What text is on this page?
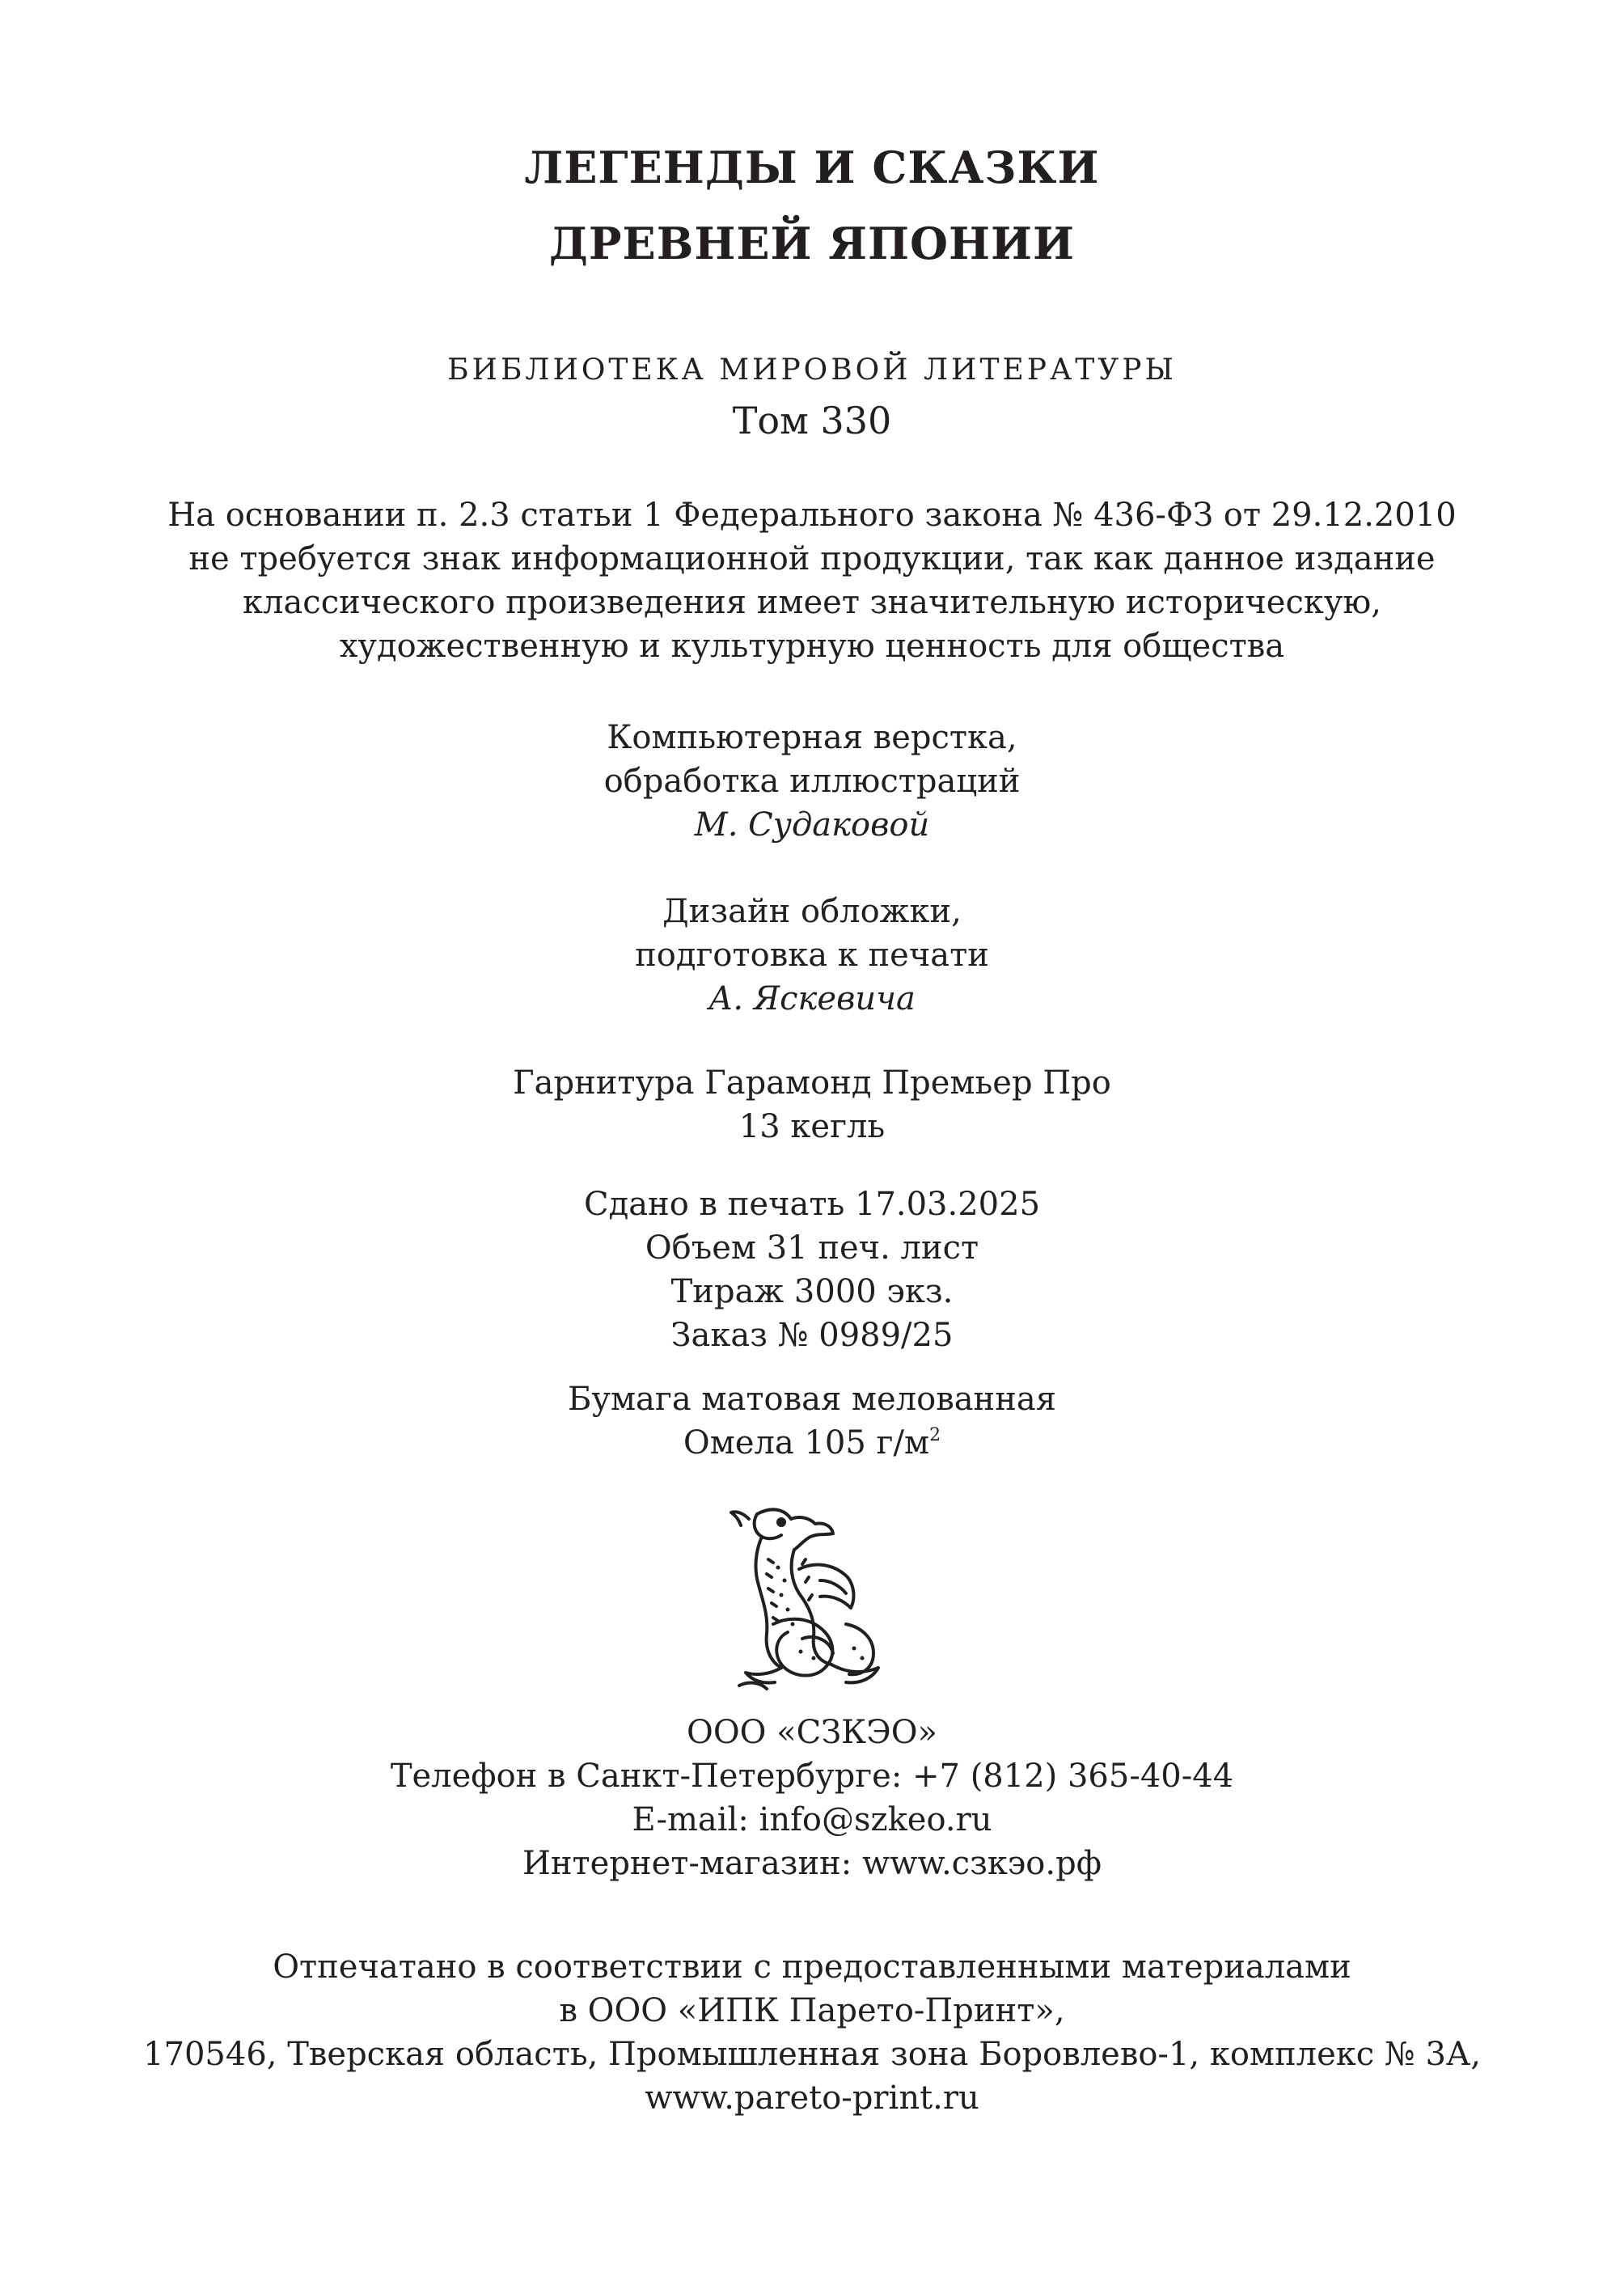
ЛЕГЕНДЫ И СКАЗКИ
ДРЕВНЕЙ ЯПОНИИ
БИБЛИОТЕКА МИРОВОЙ ЛИТЕРАТУРЫ
Том 330
На основании п. 2.3 статьи 1 Федерального закона № 436-ФЗ от 29.12.2010
не требуется знак информационной продукции, так как данное издание
классического произведения имеет значительную историческую,
художественную и культурную ценность для общества
Компьютерная верстка,
обработка иллюстраций
М. Судаковой
Дизайн обложки,
подготовка к печати
А. Яскевича
Гарнитура Гарамонд Премьер Про
13 кегль
Сдано в печать 17.03.2025
Объем 31 печ. лист
Тираж 3000 экз.
Заказ № 0989/25
Бумага матовая мелованная
Омела 105 $г/м^2$
ООО «СЗКЭО»
Телефон в Санкт-Петербурге: +7 (812) 365-40-44
E-mail: info@szkeo.ru
Интернет-магазин: www.сзкэо.рф
Отпечатано в соответствии с предоставленными материалами
в ООО «ИПК Парето-Принт»,
170546, Тверская область, Промышленная зона Боровлево-1, комплекс № 3А,
www.pareto-print.ru
